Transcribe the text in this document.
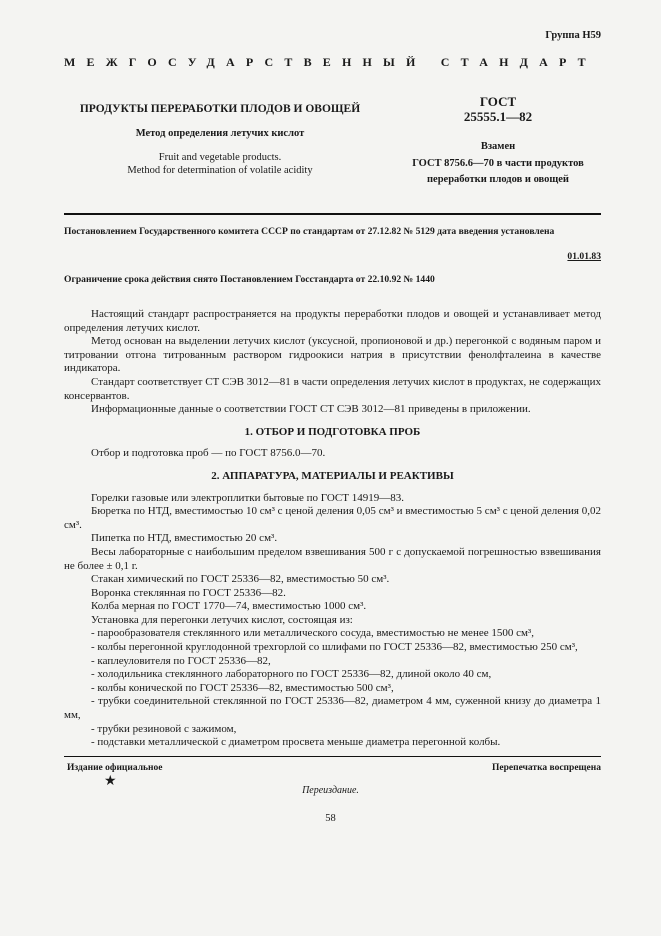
Группа Н59
МЕЖГОСУДАРСТВЕННЫЙ СТАНДАРТ
ПРОДУКТЫ ПЕРЕРАБОТКИ ПЛОДОВ И ОВОЩЕЙ
Метод определения летучих кислот
Fruit and vegetable products.
Method for determination of volatile acidity
ГОСТ
25555.1—82
Взамен
ГОСТ 8756.6—70 в части продуктов
переработки плодов и овощей
Постановлением Государственного комитета СССР по стандартам от 27.12.82 № 5129 дата введения установлена
01.01.83
Ограничение срока действия снято Постановлением Госстандарта от 22.10.92 № 1440

Настоящий стандарт распространяется на продукты переработки плодов и овощей и устанавливает метод определения летучих кислот.

Метод основан на выделении летучих кислот (уксусной, пропионовой и др.) перегонкой с водяным паром и титровании отгона титрованным раствором гидроокиси натрия в присутствии фенолфталеина в качестве индикатора.

Стандарт соответствует СТ СЭВ 3012—81 в части определения летучих кислот в продуктах, не содержащих консервантов.

Информационные данные о соответствии ГОСТ СТ СЭВ 3012—81 приведены в приложении.

1. ОТБОР И ПОДГОТОВКА ПРОБ

Отбор и подготовка проб — по ГОСТ 8756.0—70.

2. АППАРАТУРА, МАТЕРИАЛЫ И РЕАКТИВЫ

Горелки газовые или электроплитки бытовые по ГОСТ 14919—83.

Бюретка по НТД, вместимостью 10 см³ с ценой деления 0,05 см³ и вместимостью 5 см³ с ценой деления 0,02 см³.

Пипетка по НТД, вместимостью 20 см³.

Весы лабораторные с наибольшим пределом взвешивания 500 г с допускаемой погрешностью взвешивания не более ± 0,1 г.

Стакан химический по ГОСТ 25336—82, вместимостью 50 см³.

Воронка стеклянная по ГОСТ 25336—82.

Колба мерная по ГОСТ 1770—74, вместимостью 1000 см³.

Установка для перегонки летучих кислот, состоящая из:

- парообразователя стеклянного или металлического сосуда, вместимостью не менее 1500 см³,

- колбы перегонной круглодонной трехгорлой со шлифами по ГОСТ 25336—82, вместимостью 250 см³,

- каплеуловителя по ГОСТ 25336—82,

- холодильника стеклянного лабораторного по ГОСТ 25336—82, длиной около 40 см,

- колбы конической по ГОСТ 25336—82, вместимостью 500 см³,

- трубки соединительной стеклянной по ГОСТ 25336—82, диаметром 4 мм, суженной книзу до диаметра 1 мм,

- трубки резиновой с зажимом,

- подставки металлической с диаметром просвета меньше диаметра перегонной колбы.

Издание официальное	Перепечатка воспрещена
★
Переиздание.
58
